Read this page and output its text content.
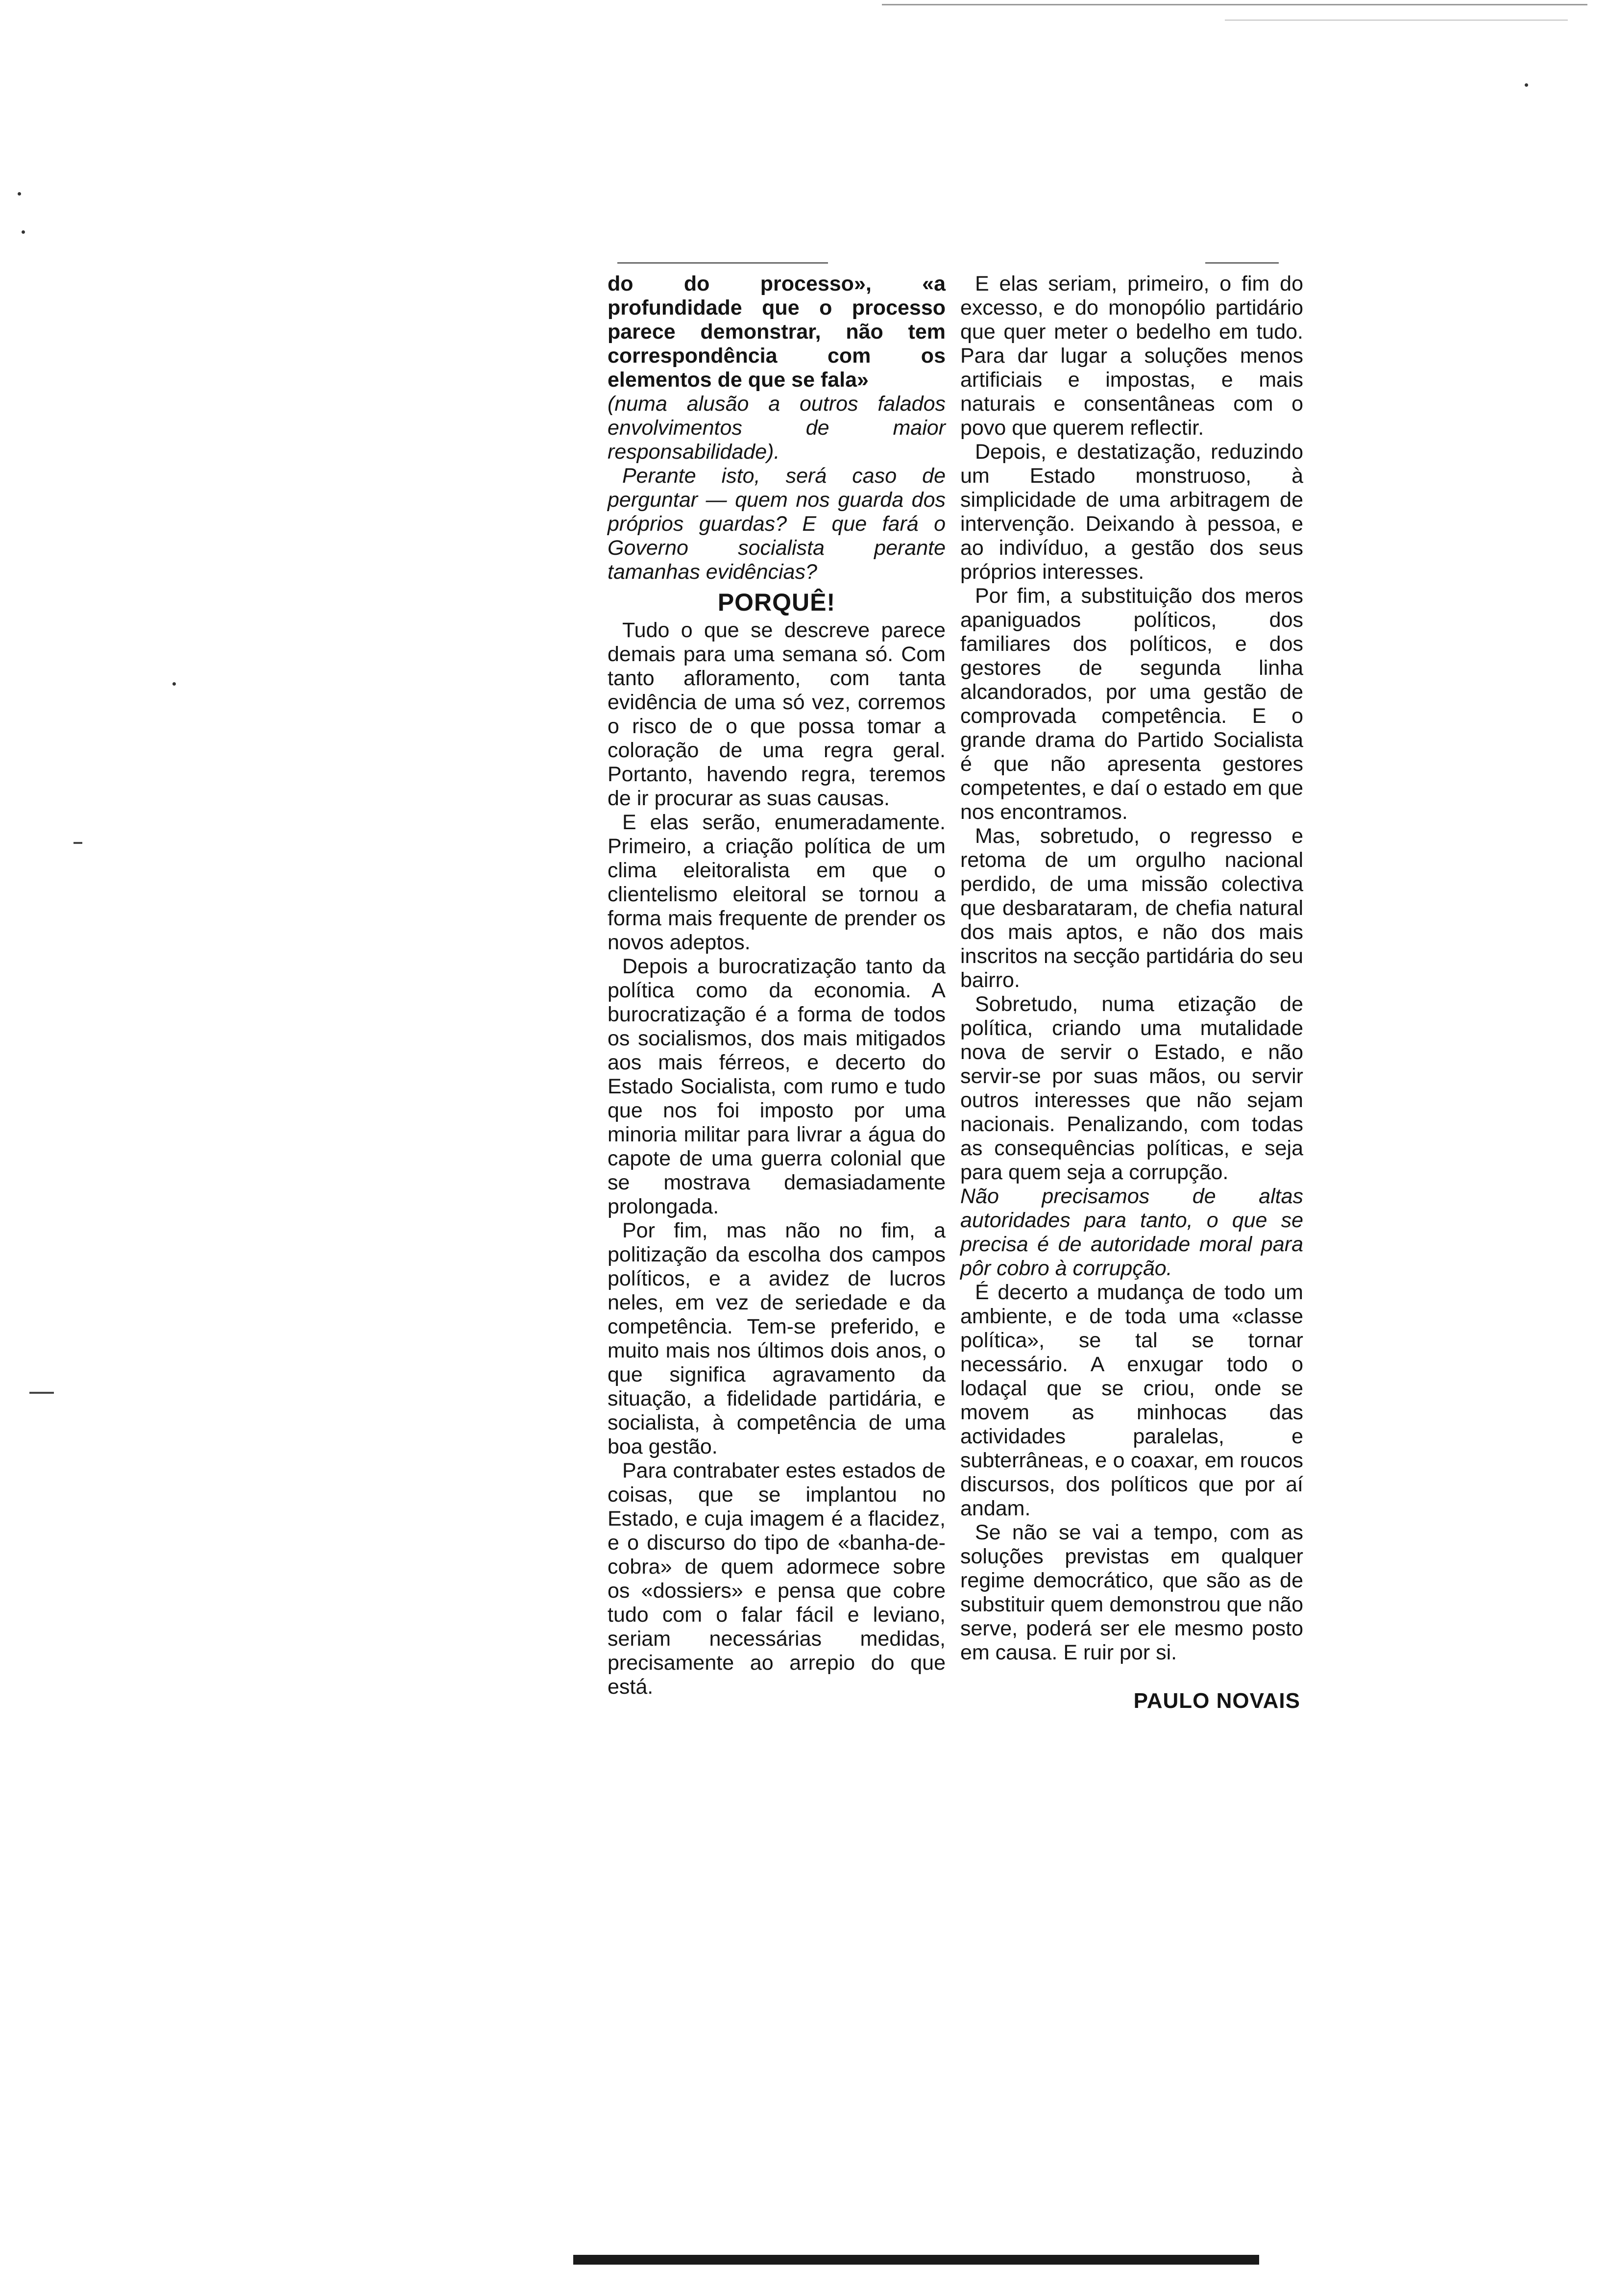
do do processo», «a profundidade que o processo parece demonstrar, não tem correspondência com os elementos de que se fala»

(numa alusão a outros falados envolvimentos de maior responsabilidade).

Perante isto, será caso de perguntar — quem nos guarda dos próprios guardas? E que fará o Governo socialista perante tamanhas evidências?

PORQUÊ!

Tudo o que se descreve parece demais para uma semana só. Com tanto afloramento, com tanta evidência de uma só vez, corremos o risco de o que possa tomar a coloração de uma regra geral. Portanto, havendo regra, teremos de ir procurar as suas causas.

E elas serão, enumeradamente. Primeiro, a criação política de um clima eleitoralista em que o clientelismo eleitoral se tornou a forma mais frequente de prender os novos adeptos.

Depois a burocratização tanto da política como da economia. A burocratização é a forma de todos os socialismos, dos mais mitigados aos mais férreos, e decerto do Estado Socialista, com rumo e tudo que nos foi imposto por uma minoria militar para livrar a água do capote de uma guerra colonial que se mostrava demasiadamente prolongada.

Por fim, mas não no fim, a politização da escolha dos campos políticos, e a avidez de lucros neles, em vez de seriedade e da competência. Tem-se preferido, e muito mais nos últimos dois anos, o que significa agravamento da situação, a fidelidade partidária, e socialista, à competência de uma boa gestão.

Para contrabater estes estados de coisas, que se implantou no Estado, e cuja imagem é a flacidez, e o discurso do tipo de «banha-de-cobra» de quem adormece sobre os «dossiers» e pensa que cobre tudo com o falar fácil e leviano, seriam necessárias medidas, precisamente ao arrepio do que está.

E elas seriam, primeiro, o fim do excesso, e do monopólio partidário que quer meter o bedelho em tudo. Para dar lugar a soluções menos artificiais e impostas, e mais naturais e consentâneas com o povo que querem reflectir.

Depois, e destatização, reduzindo um Estado monstruoso, à simplicidade de uma arbitragem de intervenção. Deixando à pessoa, e ao indivíduo, a gestão dos seus próprios interesses.

Por fim, a substituição dos meros apaniguados políticos, dos familiares dos políticos, e dos gestores de segunda linha alcandorados, por uma gestão de comprovada competência. E o grande drama do Partido Socialista é que não apresenta gestores competentes, e daí o estado em que nos encontramos.

Mas, sobretudo, o regresso e retoma de um orgulho nacional perdido, de uma missão colectiva que desbarataram, de chefia natural dos mais aptos, e não dos mais inscritos na secção partidária do seu bairro.

Sobretudo, numa etização de política, criando uma mutalidade nova de servir o Estado, e não servir-se por suas mãos, ou servir outros interesses que não sejam nacionais. Penalizando, com todas as consequências políticas, e seja para quem seja a corrupção.

Não precisamos de altas autoridades para tanto, o que se precisa é de autoridade moral para pôr cobro à corrupção.

É decerto a mudança de todo um ambiente, e de toda uma «classe política», se tal se tornar necessário. A enxugar todo o lodaçal que se criou, onde se movem as minhocas das actividades paralelas, e subterrâneas, e o coaxar, em roucos discursos, dos políticos que por aí andam.

Se não se vai a tempo, com as soluções previstas em qualquer regime democrático, que são as de substituir quem demonstrou que não serve, poderá ser ele mesmo posto em causa. E ruir por si.

PAULO NOVAIS
